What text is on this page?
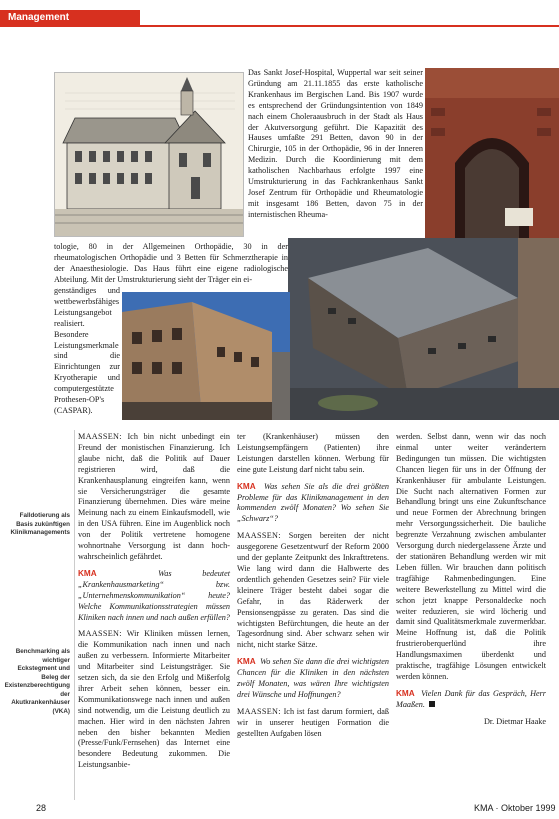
Management

Das Sankt Josef-Hospital, Wuppertal war seit seiner Gründung am 21.11.1855 das erste katholische Krankenhaus im Bergischen Land. Bis 1907 wurde es entsprechend der Gründungsintention von 1849 nach einem Choleraausbruch in der Stadt als Haus der Akutversorgung geführt. Die Kapazität des Hauses umfaßte 291 Betten, davon 90 in der Chirurgie, 105 in der Orthopädie, 96 in der Inneren Medizin. Durch die Koordinierung mit dem katholischen Nachbarhaus erfolgte 1997 eine Umstrukturierung in das Fachkrankenhaus Sankt Josef Zentrum für Orthopädie und Rheumatologie mit insgesamt 186 Betten, davon 75 in der internistischen Rheuma-

tologie, 80 in der Allgemeinen Orthopädie, 30 in der rheumatologischen Orthopädie und 3 Betten für Schmerztherapie in der Anaesthesiologie. Das Haus führt eine eigene radiologische Abteilung. Mit der Umstrukturierung sieht der Träger ein ei-

genständiges und wettbewerbsfähiges Leistungsangebot realisiert. Besondere Leistungsmerkmale sind die Einrichtungen zur Kryotherapie und computergestützte Prothesen-OP's (CASPAR).

Falldotierung als Basis zukünftigen Klinikmanagements
Benchmarking als wichtiger Eckstegment und Beleg der Existenzberechtigung der Akutkrankenhäuser (VKA)

MAASSEN: Ich bin nicht unbedingt ein Freund der monistischen Finanzierung. Ich glaube nicht, daß die Politik auf Dauer registrieren wird, daß die Krankenhausplanung eingreifen kann, wenn sie Versicherungsträger die gesamte Finanzierung übernehmen. Dies wäre meine Meinung nach zu einem Einkaufsmodell, wie in den USA führen. Eine im Augenblick noch von der Politik vertretene homogene wohnortnahe Versorgung ist dann hoch-wahrscheinlich gefährdet.

KMA	Was bedeutet „Krankenhausmarketing“ bzw. „Unternehmenskommunikation“ heute? Welche Kommunikationsstrategien müssen Kliniken nach innen und nach außen erfüllen?

MAASSEN: Wir Kliniken müssen lernen, die Kommunikation nach innen und nach außen zu verbessern. Informierte Mitarbeiter und Mitarbeiter sind Leistungsträger. Sie setzen sich, da sie den Erfolg und Mißerfolg ihrer Arbeit sehen können, besser ein. Kommunikationswege nach innen und außen sind notwendig, um die Leistung deutlich zu machen. Hier wird in den nächsten Jahren neben den bisher bekannten Medien (Presse/Funk/Fernsehen) das Internet eine besondere Bedeutung zukommen. Die Leistungsanbie-

ter (Krankenhäuser) müssen den Leistungsempfängern (Patienten) ihre Leistungen darstellen können. Werbung für eine gute Leistung darf nicht tabu sein.

KMA Was sehen Sie als die drei größten Probleme für das Klinikmanagement in den kommenden zwölf Monaten? Wo sehen Sie „Schwarz“?

MAASSEN: Sorgen bereiten der nicht ausgegorene Gesetzentwurf der Reform 2000 und der geplante Zeitpunkt des Inkrafttretens. Wie lang wird dann die Halbwerte des ordentlich gehenden Gesetzes sein? Für viele kleinere Träger besteht dabei sogar die Gefahr, in das Räderwerk der Pensionsengpässe zu geraten. Das sind die wichtigsten Befürchtungen, die heute an der Tagesordnung sind. Aber schwarz sehen wir nicht, nicht starke Sätze.

KMA Wo sehen Sie dann die drei wichtigsten Chancen für die Kliniken in den nächsten zwölf Monaten, was wären Ihre wichtigsten drei Wünsche und Hoffnungen?

MAASSEN: Ich ist fast darum formiert, daß wir in unserer heutigen Formation die gestellten Aufgaben lösen

werden. Selbst dann, wenn wir das noch einmal unter weiter verändertern Bedingungen tun müssen. Die wichtigsten Chancen liegen für uns in der Öffnung der Krankenhäuser für ambulante Leistungen. Die Sucht nach alternativen Formen zur Behandlung bringt uns eine Zukunftschance und neue Formen der Abrechnung bringen mehr Versorgungssicherheit. Die bauliche begrenzte Verzahnung zwischen ambulanter Versorgung durch niedergelassene Ärzte und der stationären Behandlung werden wir mit Leben füllen. Wir brauchen dann politisch tragfähige Rahmenbedingungen. Eine weitere Bewerkstellung zu Mittel wird die schon jetzt knappe Personaldecke noch weiter reduzieren, sie wird löcherig und damit sind Qualitätsmerkmale zuvermerkbar. Meine Hoffnung ist, daß die Politik frustrieroberquerlünd ihre Handlungsmaximen überdenkt und praktische, tragfähige Lösungen entwickelt werden können.

KMA Vielen Dank für das Gespräch, Herr Maaßen.

Dr. Dietmar Haake

28	KMA · Oktober 1999
